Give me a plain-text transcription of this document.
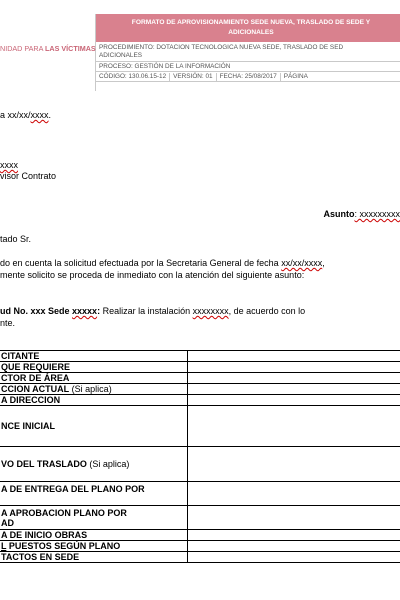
NIDAD PARA LAS VÍCTIMAS
FORMATO DE APROVISIONAMIENTO SEDE NUEVA, TRASLADO DE SEDE Y
ADICIONALES
PROCEDIMIENTO: DOTACIÓN TECNOLÓGICA NUEVA SEDE, TRASLADO DE SED
ADICIONALES
PROCESO: GESTIÓN DE LA INFORMACIÓN
CÓDIGO: 130.06.15-12 VERSIÓN: 01 FECHA: 25/08/2017 PÁGINA
a xx/xx/xxxx.
xxxx
visor Contrato
Asunto: xxxxxxxxx
tado Sr.
do en cuenta la solicitud efectuada por la Secretaria General de fecha xx/xx/xxxx,
mente solicito se proceda de inmediato con la atención del siguiente asunto:
ud No. xxx Sede xxxxx: Realizar la instalación xxxxxxxx, de acuerdo con lo
nte.
CITANTE	
QUE REQUIERE	
CTOR DE ÁREA	
CCION ACTUAL (Si aplica)	
A DIRECCION	
NCE INICIAL	
VO DEL TRASLADO (Si aplica)	
A DE ENTREGA DEL PLANO POR	

A APROBACION PLANO POR
AD	

A DE INICIO OBRAS	
L PUESTOS SEGÚN PLANO	
TACTOS EN SEDE	
